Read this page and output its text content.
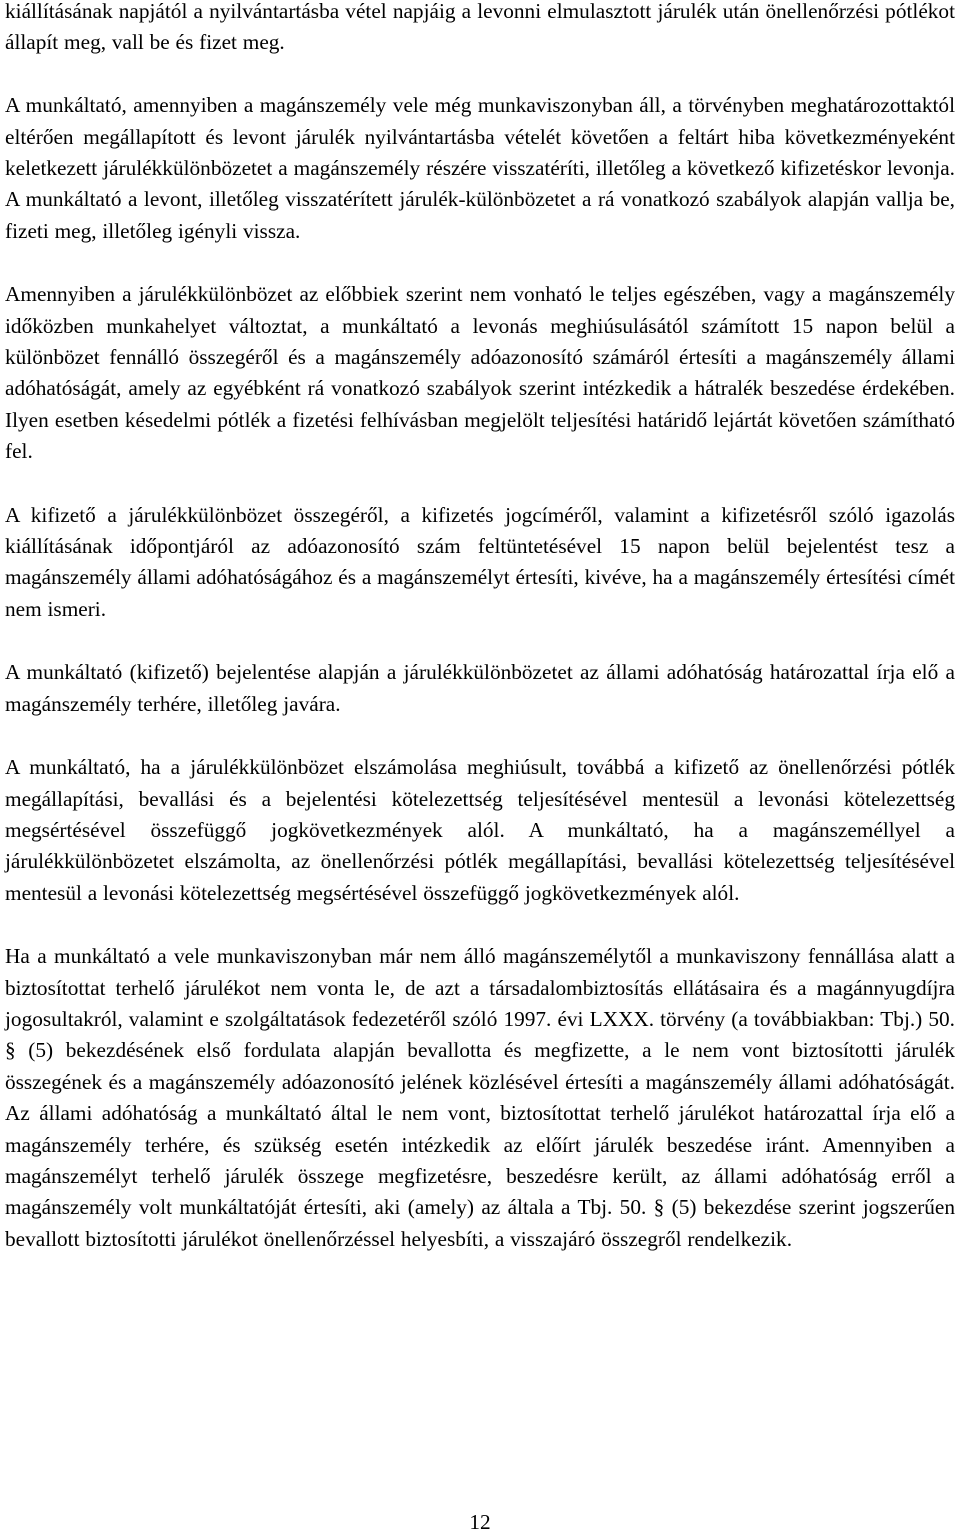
kiállításának napjától a nyilvántartásba vétel napjáig a levonni elmulasztott járulék után önellenőrzési pótlékot állapít meg, vall be és fizet meg.

A munkáltató, amennyiben a magánszemély vele még munkaviszonyban áll, a törvényben meghatározottaktól eltérően megállapított és levont járulék nyilvántartásba vételét követően a feltárt hiba következményeként keletkezett járulékkülönbözetet a magánszemély részére visszatéríti, illetőleg a következő kifizetéskor levonja. A munkáltató a levont, illetőleg visszatérített járulék-különbözetet a rá vonatkozó szabályok alapján vallja be, fizeti meg, illetőleg igényli vissza.

Amennyiben a járulékkülönbözet az előbbiek szerint nem vonható le teljes egészében, vagy a magánszemély időközben munkahelyet változtat, a munkáltató a levonás meghiúsulásától számított 15 napon belül a különbözet fennálló összegéről és a magánszemély adóazonosító számáról értesíti a magánszemély állami adóhatóságát, amely az egyébként rá vonatkozó szabályok szerint intézkedik a hátralék beszedése érdekében. Ilyen esetben késedelmi pótlék a fizetési felhívásban megjelölt teljesítési határidő lejártát követően számítható fel.

A kifizető a járulékkülönbözet összegéről, a kifizetés jogcíméről, valamint a kifizetésről szóló igazolás kiállításának időpontjáról az adóazonosító szám feltüntetésével 15 napon belül bejelentést tesz a magánszemély állami adóhatóságához és a magánszemélyt értesíti, kivéve, ha a magánszemély értesítési címét nem ismeri.

A munkáltató (kifizető) bejelentése alapján a járulékkülönbözetet az állami adóhatóság határozattal írja elő a magánszemély terhére, illetőleg javára.

A munkáltató, ha a járulékkülönbözet elszámolása meghiúsult, továbbá a kifizető az önellenőrzési pótlék megállapítási, bevallási és a bejelentési kötelezettség teljesítésével mentesül a levonási kötelezettség megsértésével összefüggő jogkövetkezmények alól. A munkáltató, ha a magánszeméllyel a járulékkülönbözetet elszámolta, az önellenőrzési pótlék megállapítási, bevallási kötelezettség teljesítésével mentesül a levonási kötelezettség megsértésével összefüggő jogkövetkezmények alól.

Ha a munkáltató a vele munkaviszonyban már nem álló magánszemélytől a munkaviszony fennállása alatt a biztosítottat terhelő járulékot nem vonta le, de azt a társadalombiztosítás ellátásaira és a magánnyugdíjra jogosultakról, valamint e szolgáltatások fedezetéről szóló 1997. évi LXXX. törvény (a továbbiakban: Tbj.) 50. § (5) bekezdésének első fordulata alapján bevallotta és megfizette, a le nem vont biztosítotti járulék összegének és a magánszemély adóazonosító jelének közlésével értesíti a magánszemély állami adóhatóságát. Az állami adóhatóság a munkáltató által le nem vont, biztosítottat terhelő járulékot határozattal írja elő a magánszemély terhére, és szükség esetén intézkedik az előírt járulék beszedése iránt. Amennyiben a magánszemélyt terhelő járulék összege megfizetésre, beszedésre került, az állami adóhatóság erről a magánszemély volt munkáltatóját értesíti, aki (amely) az általa a Tbj. 50. § (5) bekezdése szerint jogszerűen bevallott biztosítotti járulékot önellenőrzéssel helyesbíti, a visszajáró összegről rendelkezik.

12
